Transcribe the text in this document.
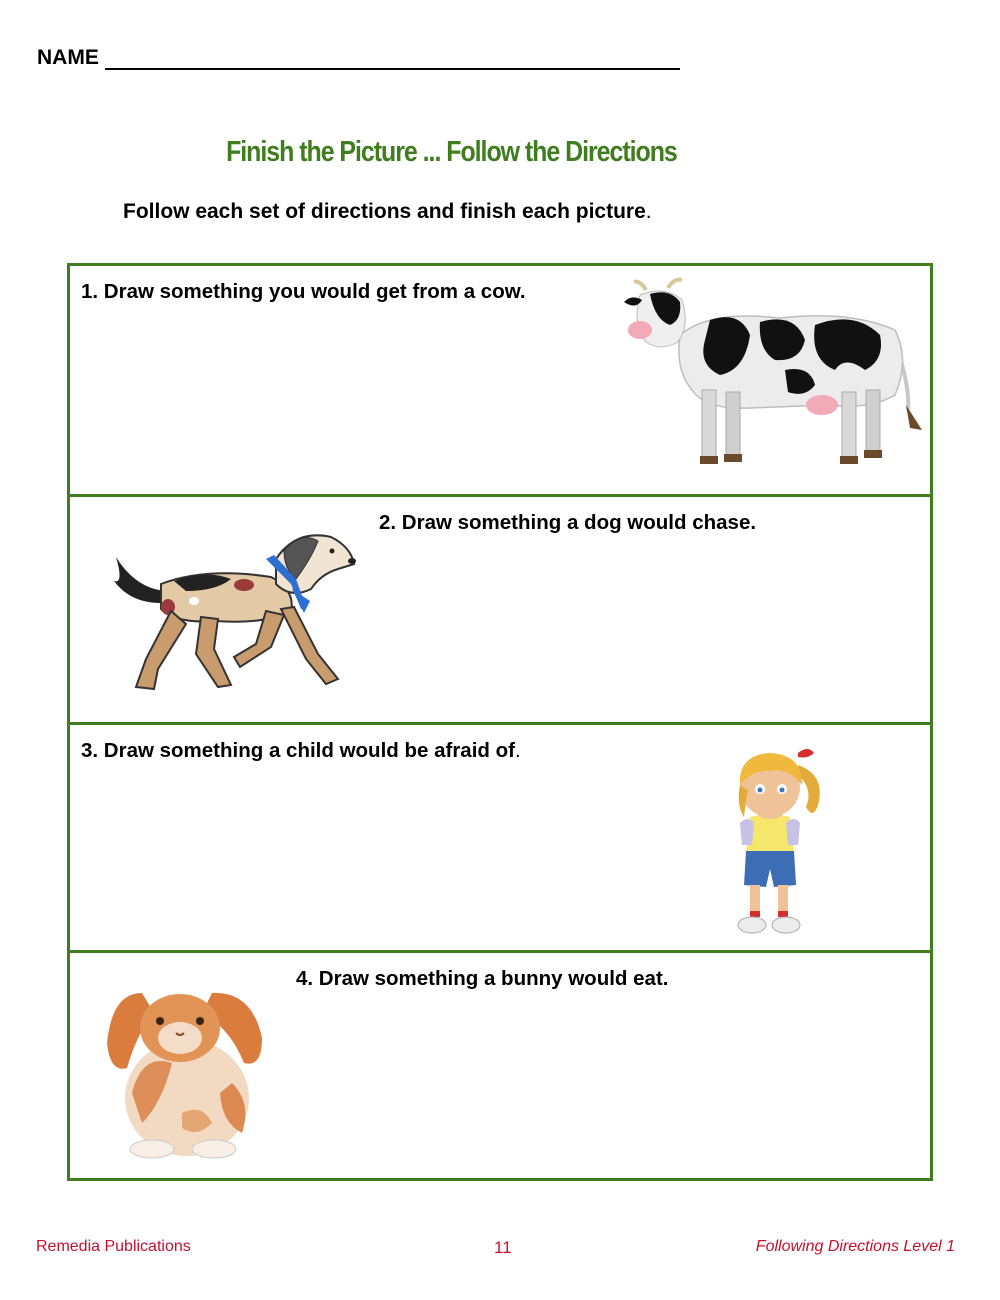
NAME
Finish the Picture ... Follow the Directions
Follow each set of directions and finish each picture.
1. Draw something you would get from a cow.
2. Draw something a dog would chase.
3. Draw something a child would be afraid of.
4. Draw something a bunny would eat.
Remedia Publications	11	Following Directions Level 1
